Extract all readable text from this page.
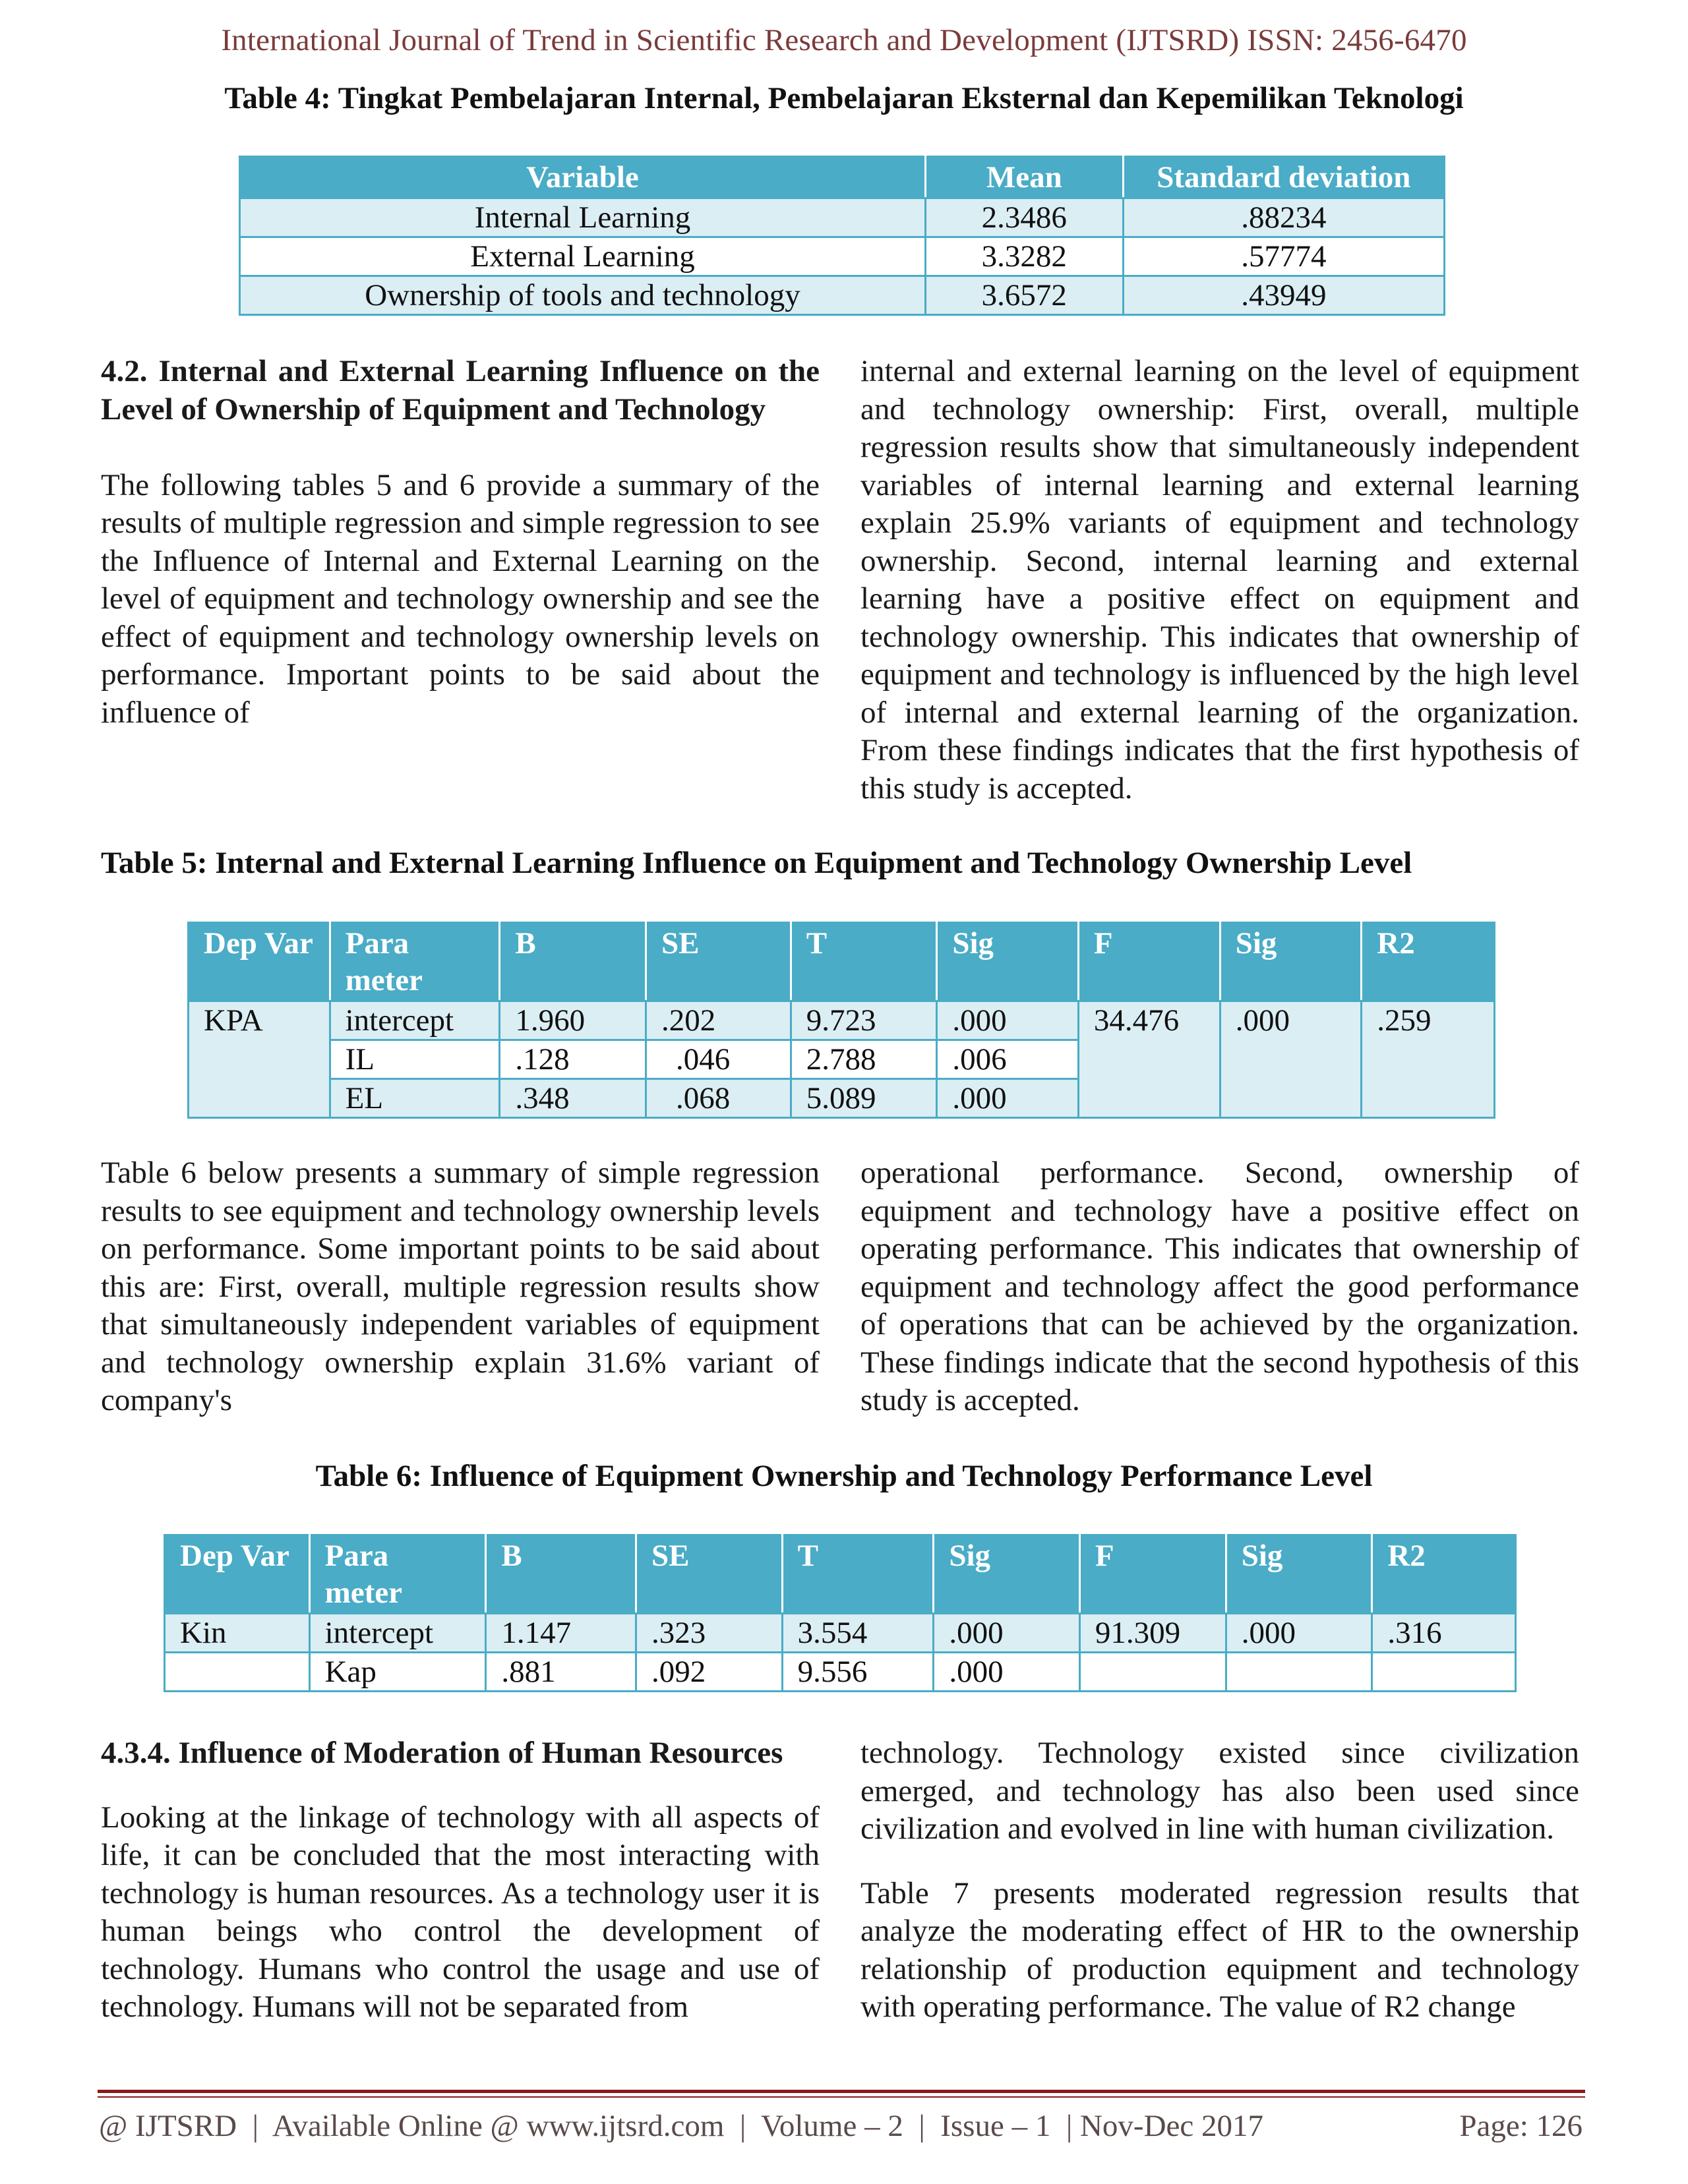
International Journal of Trend in Scientific Research and Development (IJTSRD) ISSN: 2456-6470
Table 4: Tingkat Pembelajaran Internal, Pembelajaran Eksternal dan Kepemilikan Teknologi
Variable	Mean	Standard deviation
Internal Learning	2.3486	.88234
External Learning	3.3282	.57774
Ownership of tools and technology	3.6572	.43949

4.2. Internal and External Learning Influence on the Level of Ownership of Equipment and Technology

The following tables 5 and 6 provide a summary of the results of multiple regression and simple regression to see the Influence of Internal and External Learning on the level of equipment and technology ownership and see the effect of equipment and technology ownership levels on performance. Important points to be said about the influence of

internal and external learning on the level of equipment and technology ownership: First, overall, multiple regression results show that simultaneously independent variables of internal learning and external learning explain 25.9% variants of equipment and technology ownership. Second, internal learning and external learning have a positive effect on equipment and technology ownership. This indicates that ownership of equipment and technology is influenced by the high level of internal and external learning of the organization. From these findings indicates that the first hypothesis of this study is accepted.

Table 5: Internal and External Learning Influence on Equipment and Technology Ownership Level
Dep Var	Para meter	B	SE	T	Sig	F	Sig	R2
KPA	intercept	1.960	.202	9.723	.000	34.476	.000	.259
	IL	.128	.046	2.788	.006			
	EL	.348	.068	5.089	.000			

Table 6 below presents a summary of simple regression results to see equipment and technology ownership levels on performance. Some important points to be said about this are: First, overall, multiple regression results show that simultaneously independent variables of equipment and technology ownership explain 31.6% variant of company's

operational performance. Second, ownership of equipment and technology have a positive effect on operating performance. This indicates that ownership of equipment and technology affect the good performance of operations that can be achieved by the organization. These findings indicate that the second hypothesis of this study is accepted.

Table 6: Influence of Equipment Ownership and Technology Performance Level
Dep Var	Para meter	B	SE	T	Sig	F	Sig	R2
Kin	intercept	1.147	.323	3.554	.000	91.309	.000	.316
	Kap	.881	.092	9.556	.000			

4.3.4. Influence of Moderation of Human Resources

Looking at the linkage of technology with all aspects of life, it can be concluded that the most interacting with technology is human resources. As a technology user it is human beings who control the development of technology. Humans who control the usage and use of technology. Humans will not be separated from

technology. Technology existed since civilization emerged, and technology has also been used since civilization and evolved in line with human civilization.

Table 7 presents moderated regression results that analyze the moderating effect of HR to the ownership relationship of production equipment and technology with operating performance. The value of R2 change

@ IJTSRD  |  Available Online @ www.ijtsrd.com  |  Volume – 2  |  Issue – 1  | Nov-Dec 2017	Page: 126
